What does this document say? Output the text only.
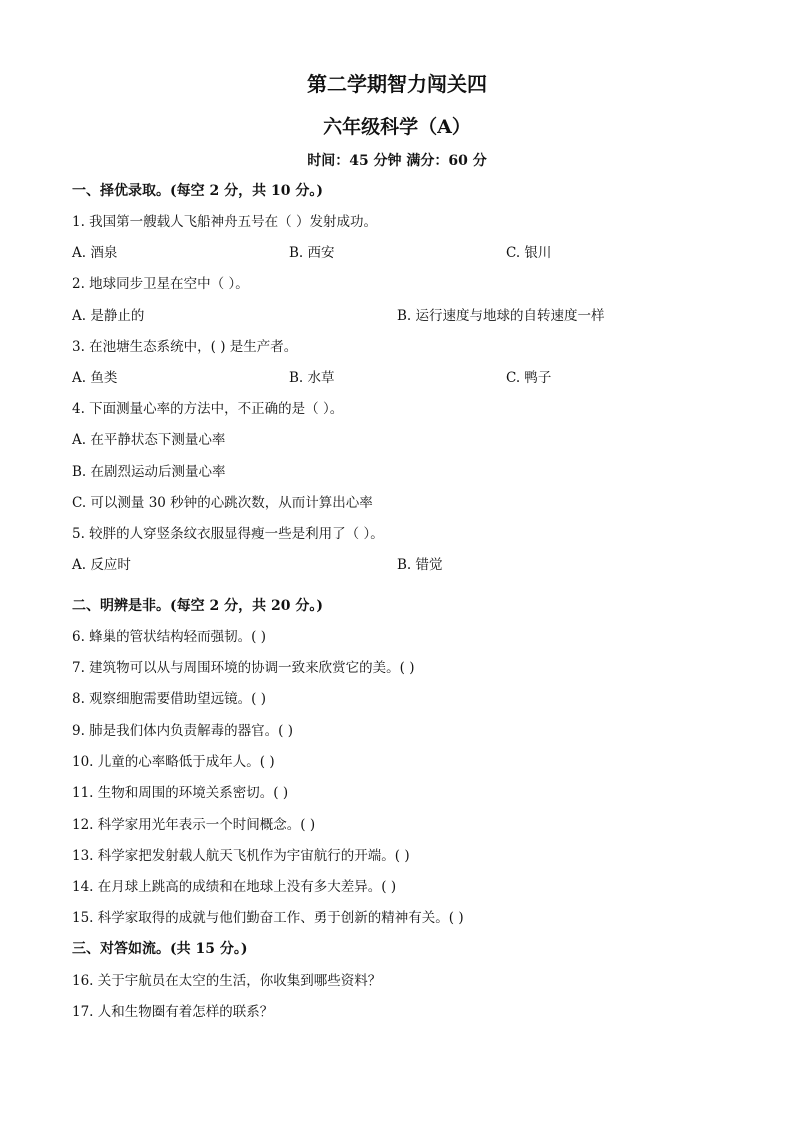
第二学期智力闯关四
六年级科学（A）
时间：45 分钟 满分：60 分
一、择优录取。(每空 2 分，共 10 分。)
1. 我国第一艘载人飞船神舟五号在（ ）发射成功。
A. 酒泉	B. 西安	C. 银川
2. 地球同步卫星在空中（ ）。
A. 是静止的	B. 运行速度与地球的自转速度一样
3. 在池塘生态系统中，( ) 是生产者。
A. 鱼类	B. 水草	C. 鸭子
4. 下面测量心率的方法中，不正确的是（ ）。
A. 在平静状态下测量心率
B. 在剧烈运动后测量心率
C. 可以测量 30 秒钟的心跳次数，从而计算出心率
5. 较胖的人穿竖条纹衣服显得瘦一些是利用了（ ）。
A. 反应时	B. 错觉
二、明辨是非。(每空 2 分，共 20 分。)
6. 蜂巢的管状结构轻而强韧。( )
7. 建筑物可以从与周围环境的协调一致来欣赏它的美。( )
8. 观察细胞需要借助望远镜。( )
9. 肺是我们体内负责解毒的器官。( )
10. 儿童的心率略低于成年人。( )
11. 生物和周围的环境关系密切。( )
12. 科学家用光年表示一个时间概念。( )
13. 科学家把发射载人航天飞机作为宇宙航行的开端。( )
14. 在月球上跳高的成绩和在地球上没有多大差异。( )
15. 科学家取得的成就与他们勤奋工作、勇于创新的精神有关。( )
三、对答如流。(共 15 分。)
16. 关于宇航员在太空的生活，你收集到哪些资料？
17. 人和生物圈有着怎样的联系？
